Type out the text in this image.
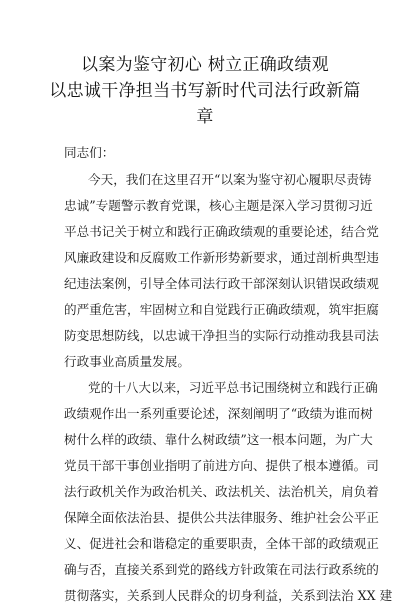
以案为鉴守初心 树立正确政绩观
以忠诚干净担当书写新时代司法行政新篇
章
同志们：
今天，我们在这里召开“以案为鉴守初心履职尽责铸
忠诚”专题警示教育党课，核心主题是深入学习贯彻习近
平总书记关于树立和践行正确政绩观的重要论述，结合党
风廉政建设和反腐败工作新形势新要求，通过剖析典型违
纪违法案例，引导全体司法行政干部深刻认识错误政绩观
的严重危害，牢固树立和自觉践行正确政绩观，筑牢拒腐
防变思想防线，以忠诚干净担当的实际行动推动我县司法
行政事业高质量发展。
党的十八大以来，习近平总书记围绕树立和践行正确
政绩观作出一系列重要论述，深刻阐明了“政绩为谁而树
树什么样的政绩、靠什么树政绩”这一根本问题，为广大
党员干部干事创业指明了前进方向、提供了根本遵循。司
法行政机关作为政治机关、政法机关、法治机关，肩负着
保障全面依法治县、提供公共法律服务、维护社会公平正
义、促进社会和谐稳定的重要职责，全体干部的政绩观正
确与否，直接关系到党的路线方针政策在司法行政系统的
贯彻落实，关系到人民群众的切身利益，关系到法治 XX 建
